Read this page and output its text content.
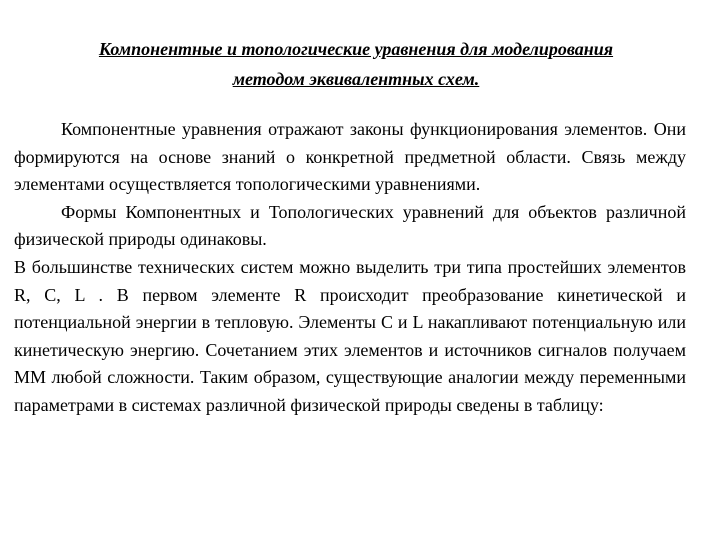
Компонентные и топологические уравнения для моделирования
методом эквивалентных схем.

Компонентные уравнения отражают законы функционирования элементов. Они формируются на основе знаний о конкретной предметной области. Связь между элементами осуществляется топологическими уравнениями.

Формы Компонентных и Топологических уравнений для объектов различной физической природы одинаковы.

В большинстве технических систем можно выделить три типа простейших элементов R, C, L . В первом элементе R происходит преобразование кинетической и потенциальной энергии в тепловую. Элементы C и L накапливают потенциальную или кинетическую энергию. Сочетанием этих элементов и источников сигналов получаем ММ любой сложности. Таким образом, существующие аналогии между переменными параметрами в системах различной физической природы сведены в таблицу:
